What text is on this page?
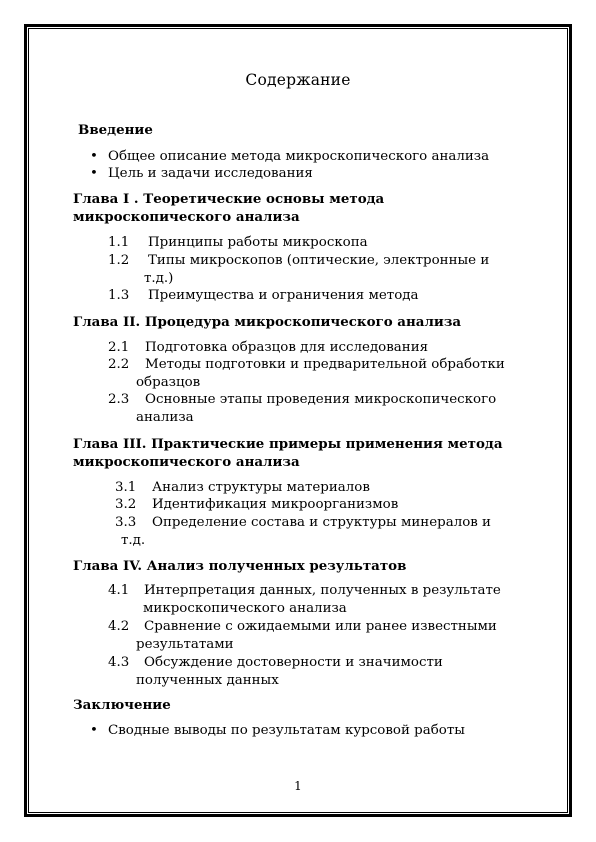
Содержание
Введение
• Общее описание метода микроскопического анализа
• Цель и задачи исследования
Глава I . Теоретические основы метода
микроскопического анализа
1.1 Принципы работы микроскопа
1.2 Типы микроскопов (оптические, электронные и
т.д.)
1.3 Преимущества и ограничения метода
Глава II. Процедура микроскопического анализа
2.1 Подготовка образцов для исследования
2.2 Методы подготовки и предварительной обработки
образцов
2.3 Основные этапы проведения микроскопического
анализа
Глава III. Практические примеры применения метода
микроскопического анализа
3.1 Анализ структуры материалов
3.2 Идентификация микроорганизмов
3.3 Определение состава и структуры минералов и
т.д.
Глава IV. Анализ полученных результатов
4.1 Интерпретация данных, полученных в результате
микроскопического анализа
4.2 Сравнение с ожидаемыми или ранее известными
результатами
4.3 Обсуждение достоверности и значимости
полученных данных
Заключение
• Сводные выводы по результатам курсовой работы
1
